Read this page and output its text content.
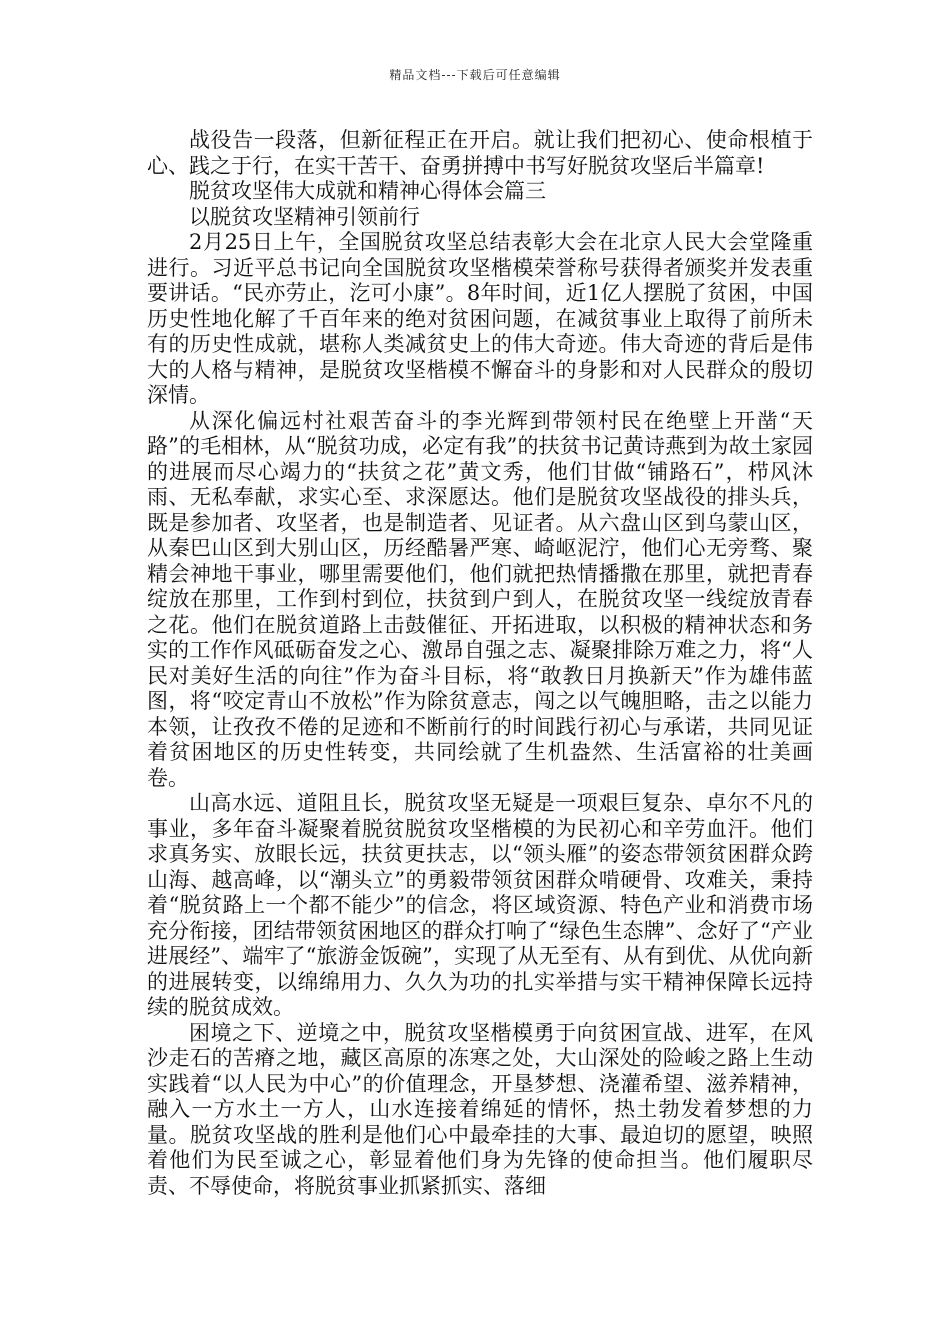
精品文档---下载后可任意编辑

战役告一段落，但新征程正在开启。就让我们把初心、使命根植于心、践之于行，在实干苦干、奋勇拼搏中书写好脱贫攻坚后半篇章!

脱贫攻坚伟大成就和精神心得体会篇三

以脱贫攻坚精神引领前行

2月25日上午，全国脱贫攻坚总结表彰大会在北京人民大会堂隆重进行。习近平总书记向全国脱贫攻坚楷模荣誉称号获得者颁奖并发表重要讲话。“民亦劳止，汔可小康”。8年时间，近1亿人摆脱了贫困，中国历史性地化解了千百年来的绝对贫困问题，在减贫事业上取得了前所未有的历史性成就，堪称人类减贫史上的伟大奇迹。伟大奇迹的背后是伟大的人格与精神，是脱贫攻坚楷模不懈奋斗的身影和对人民群众的殷切深情。

从深化偏远村社艰苦奋斗的李光辉到带领村民在绝壁上开凿“天路”的毛相林，从“脱贫功成，必定有我”的扶贫书记黄诗燕到为故土家园的进展而尽心竭力的“扶贫之花”黄文秀，他们甘做“铺路石”，栉风沐雨、无私奉献，求实心至、求深愿达。他们是脱贫攻坚战役的排头兵，既是参加者、攻坚者，也是制造者、见证者。从六盘山区到乌蒙山区，从秦巴山区到大别山区，历经酷暑严寒、崎岖泥泞，他们心无旁骛、聚精会神地干事业，哪里需要他们，他们就把热情播撒在那里，就把青春绽放在那里，工作到村到位，扶贫到户到人，在脱贫攻坚一线绽放青春之花。他们在脱贫道路上击鼓催征、开拓进取，以积极的精神状态和务实的工作作风砥砺奋发之心、激昂自强之志、凝聚排除万难之力，将“人民对美好生活的向往”作为奋斗目标，将“敢教日月换新天”作为雄伟蓝图，将“咬定青山不放松”作为除贫意志，闯之以气魄胆略，击之以能力本领，让孜孜不倦的足迹和不断前行的时间践行初心与承诺，共同见证着贫困地区的历史性转变，共同绘就了生机盎然、生活富裕的壮美画卷。

山高水远、道阻且长，脱贫攻坚无疑是一项艰巨复杂、卓尔不凡的事业，多年奋斗凝聚着脱贫脱贫攻坚楷模的为民初心和辛劳血汗。他们求真务实、放眼长远，扶贫更扶志，以“领头雁”的姿态带领贫困群众跨山海、越高峰，以“潮头立”的勇毅带领贫困群众啃硬骨、攻难关，秉持着“脱贫路上一个都不能少”的信念，将区域资源、特色产业和消费市场充分衔接，团结带领贫困地区的群众打响了“绿色生态牌”、念好了“产业进展经”、端牢了“旅游金饭碗”，实现了从无至有、从有到优、从优向新的进展转变，以绵绵用力、久久为功的扎实举措与实干精神保障长远持续的脱贫成效。

困境之下、逆境之中，脱贫攻坚楷模勇于向贫困宣战、进军，在风沙走石的苦瘠之地，藏区高原的冻寒之处，大山深处的险峻之路上生动实践着“以人民为中心”的价值理念，开垦梦想、浇灌希望、滋养精神，融入一方水土一方人，山水连接着绵延的情怀，热土勃发着梦想的力量。脱贫攻坚战的胜利是他们心中最牵挂的大事、最迫切的愿望，映照着他们为民至诚之心，彰显着他们身为先锋的使命担当。他们履职尽责、不辱使命，将脱贫事业抓紧抓实、落细
